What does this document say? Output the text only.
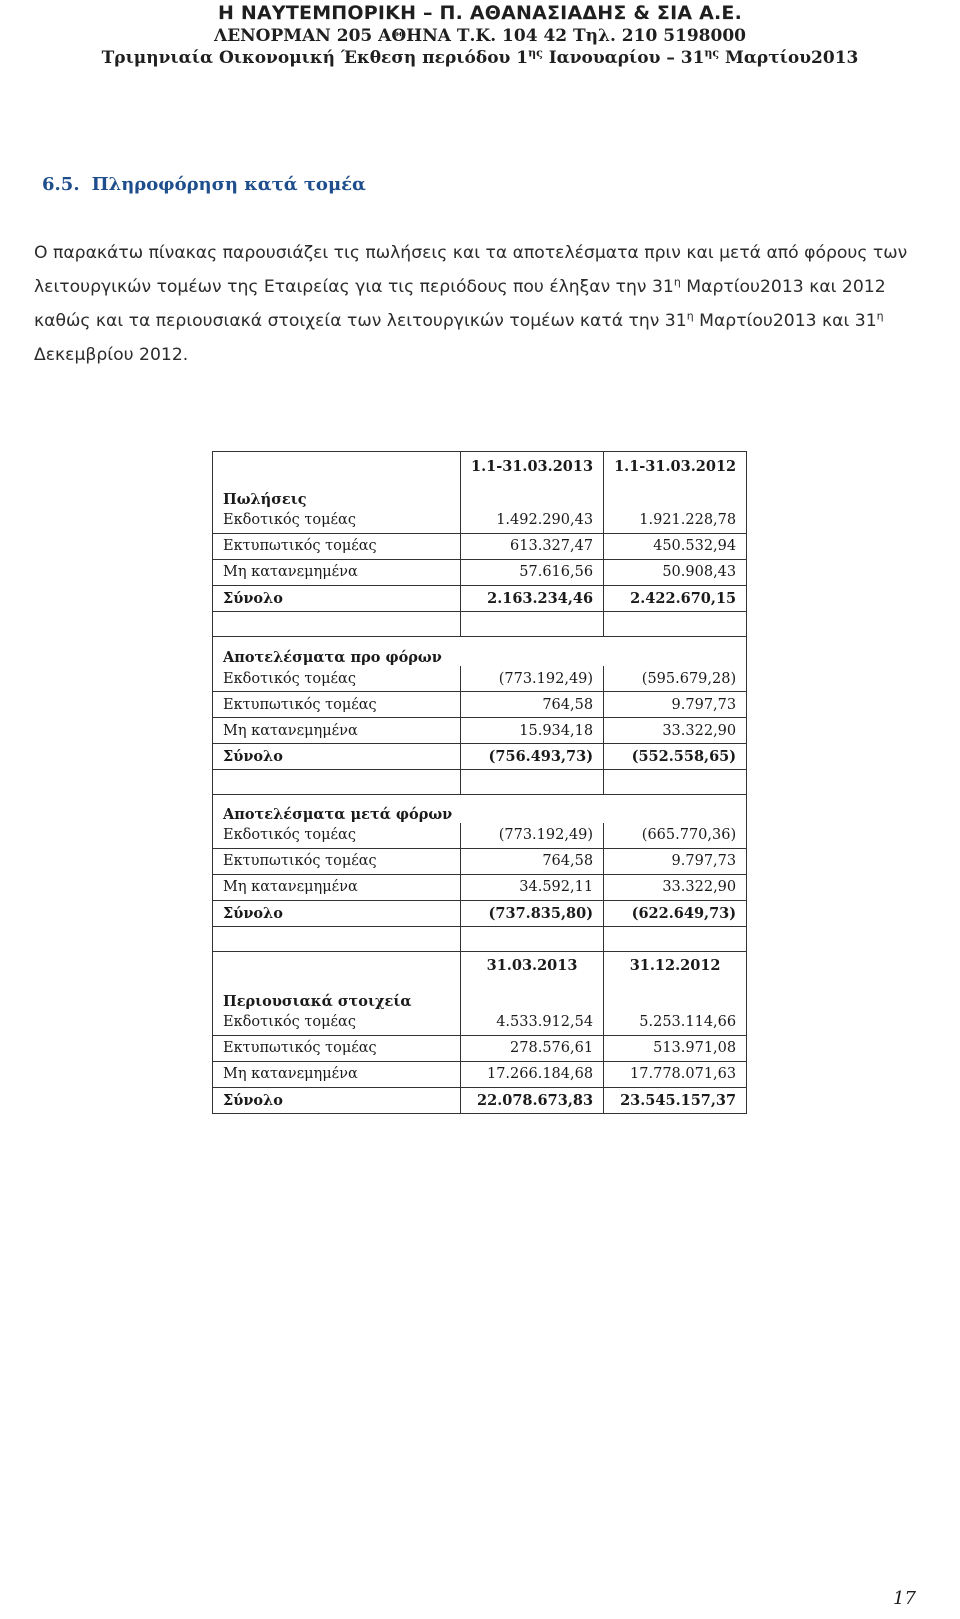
Η ΝΑΥΤΕΜΠΟΡΙΚΗ – Π. ΑΘΑΝΑΣΙΑΔΗΣ & ΣΙΑ Α.Ε.
ΛΕΝΟΡΜΑΝ 205 ΑΘΗΝΑ Τ.Κ. 104 42 Τηλ. 210 5198000
Τριμηνιαία Οικονομική Έκθεση περιόδου $1^{\eta\varsigma}$ Ιανουαρίου – $31^{\eta\varsigma}$ Μαρτίου2013
6.5. Πληροφόρηση κατά τομέα
Ο παρακάτω πίνακας παρουσιάζει τις πωλήσεις και τα αποτελέσματα πριν και μετά από φόρους των
λειτουργικών τομέων της Εταιρείας για τις περιόδους που έληξαν την $31^\eta$ Μαρτίου2013 και 2012
καθώς και τα περιουσιακά στοιχεία των λειτουργικών τομέων κατά την $31^\eta$ Μαρτίου2013 και $31^\eta$
Δεκεμβρίου 2012.
	1.1-31.03.2013	1.1-31.03.2012
Πωλήσεις		
Εκδοτικός τομέας	1.492.290,43	1.921.228,78
Εκτυπωτικός τομέας	613.327,47	450.532,94
Μη κατανεμημένα	57.616,56	50.908,43
Σύνολο	2.163.234,46	2.422.670,15

Αποτελέσματα προ φόρων		
Εκδοτικός τομέας	(773.192,49)	(595.679,28)
Εκτυπωτικός τομέας	764,58	9.797,73
Μη κατανεμημένα	15.934,18	33.322,90
Σύνολο	(756.493,73)	(552.558,65)

Αποτελέσματα μετά φόρων		
Εκδοτικός τομέας	(773.192,49)	(665.770,36)
Εκτυπωτικός τομέας	764,58	9.797,73
Μη κατανεμημένα	34.592,11	33.322,90
Σύνολο	(737.835,80)	(622.649,73)

	31.03.2013	31.12.2012
Περιουσιακά στοιχεία		
Εκδοτικός τομέας	4.533.912,54	5.253.114,66
Εκτυπωτικός τομέας	278.576,61	513.971,08
Μη κατανεμημένα	17.266.184,68	17.778.071,63
Σύνολο	22.078.673,83	23.545.157,37
17
